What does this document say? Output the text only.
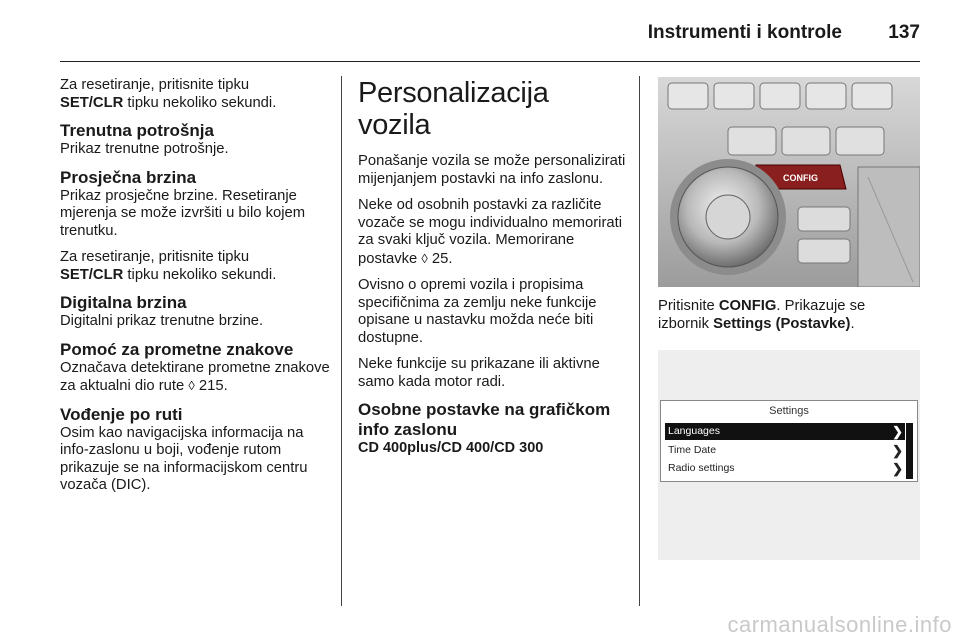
Instrumenti i kontrole 137

Za resetiranje, pritisnite tipku
SET/CLR tipku nekoliko sekundi.

Trenutna potrošnja

Prikaz trenutne potrošnje.

Prosječna brzina

Prikaz prosječne brzine. Resetiranje mjerenja se može izvršiti u bilo kojem trenutku.

Za resetiranje, pritisnite tipku
SET/CLR tipku nekoliko sekundi.

Digitalna brzina

Digitalni prikaz trenutne brzine.

Pomoć za prometne znakove

Označava detektirane prometne znakove za aktualni dio rute ◊ 215.

Vođenje po ruti

Osim kao navigacijska informacija na info-zaslonu u boji, vođenje rutom prikazuje se na informacijskom centru vozača (DIC).

Personalizacija vozila

Ponašanje vozila se može personalizirati mijenjanjem postavki na info zaslonu.

Neke od osobnih postavki za različite vozače se mogu individualno memorirati za svaki ključ vozila. Memorirane postavke ◊ 25.

Ovisno o opremi vozila i propisima specifičnima za zemlju neke funkcije opisane u nastavku možda neće biti dostupne.

Neke funkcije su prikazane ili aktivne samo kada motor radi.

Osobne postavke na grafičkom info zaslonu
CD 400plus/CD 400/CD 300
CONFIG

Pritisnite CONFIG. Prikazuje se izbornik Settings (Postavke).

Settings
Languages	❯
Time Date	❯
Radio settings	❯
carmanualsonline.info
